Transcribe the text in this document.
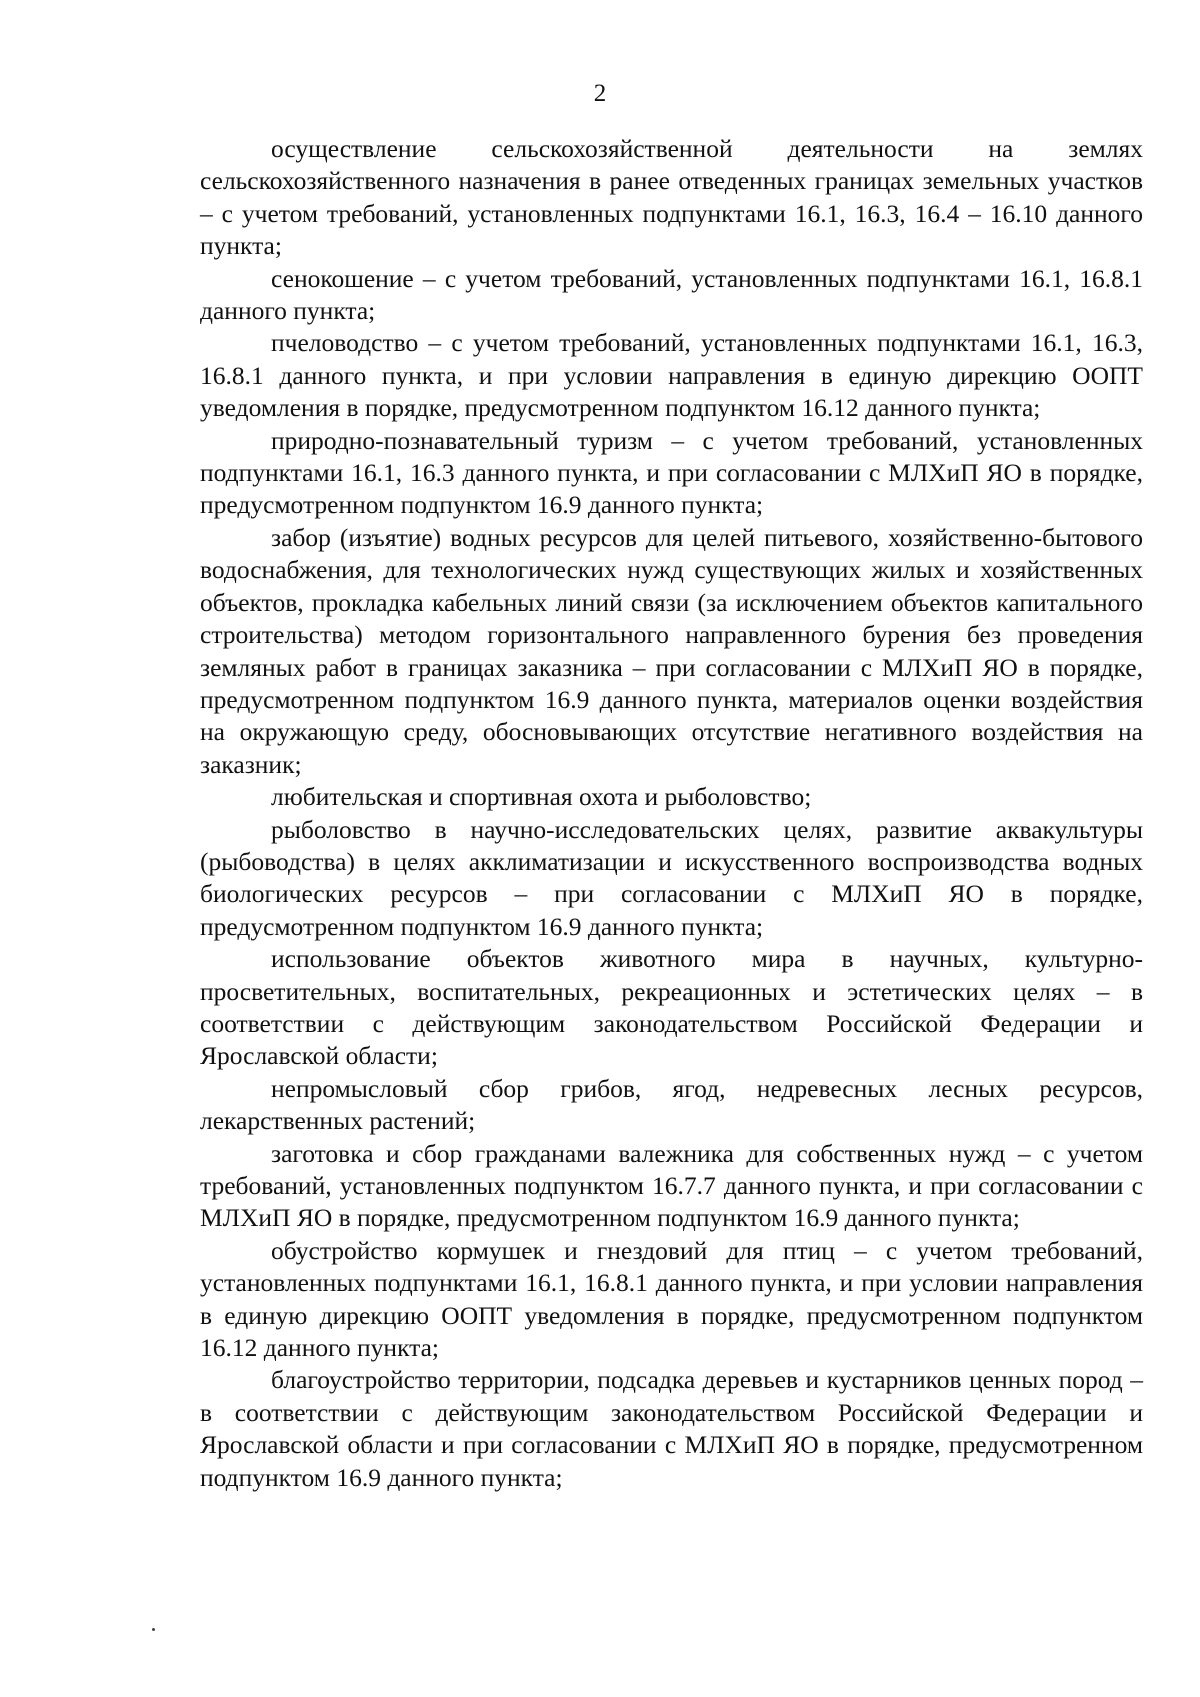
2

осуществление сельскохозяйственной деятельности на землях сельскохозяйственного назначения в ранее отведенных границах земельных участков – с учетом требований, установленных подпунктами 16.1, 16.3, 16.4 – 16.10 данного пункта;

сенокошение – с учетом требований, установленных подпунктами 16.1, 16.8.1 данного пункта;

пчеловодство – с учетом требований, установленных подпунктами 16.1, 16.3, 16.8.1 данного пункта, и при условии направления в единую дирекцию ООПТ уведомления в порядке, предусмотренном подпунктом 16.12 данного пункта;

природно-познавательный туризм – с учетом требований, установленных подпунктами 16.1, 16.3 данного пункта, и при согласовании с МЛХиП ЯО в порядке, предусмотренном подпунктом 16.9 данного пункта;

забор (изъятие) водных ресурсов для целей питьевого, хозяйственно-бытового водоснабжения, для технологических нужд существующих жилых и хозяйственных объектов, прокладка кабельных линий связи (за исключением объектов капитального строительства) методом горизонтального направленного бурения без проведения земляных работ в границах заказника – при согласовании с МЛХиП ЯО в порядке, предусмотренном подпунктом 16.9 данного пункта, материалов оценки воздействия на окружающую среду, обосновывающих отсутствие негативного воздействия на заказник;

любительская и спортивная охота и рыболовство;

рыболовство в научно-исследовательских целях, развитие аквакультуры (рыбоводства) в целях акклиматизации и искусственного воспроизводства водных биологических ресурсов – при согласовании с МЛХиП ЯО в порядке, предусмотренном подпунктом 16.9 данного пункта;

использование объектов животного мира в научных, культурно-просветительных, воспитательных, рекреационных и эстетических целях – в соответствии с действующим законодательством Российской Федерации и Ярославской области;

непромысловый сбор грибов, ягод, недревесных лесных ресурсов, лекарственных растений;

заготовка и сбор гражданами валежника для собственных нужд – с учетом требований, установленных подпунктом 16.7.7 данного пункта, и при согласовании с МЛХиП ЯО в порядке, предусмотренном подпунктом 16.9 данного пункта;

обустройство кормушек и гнездовий для птиц – с учетом требований, установленных подпунктами 16.1, 16.8.1 данного пункта, и при условии направления в единую дирекцию ООПТ уведомления в порядке, предусмотренном подпунктом 16.12 данного пункта;

благоустройство территории, подсадка деревьев и кустарников ценных пород – в соответствии с действующим законодательством Российской Федерации и Ярославской области и при согласовании с МЛХиП ЯО в порядке, предусмотренном подпунктом 16.9 данного пункта;
